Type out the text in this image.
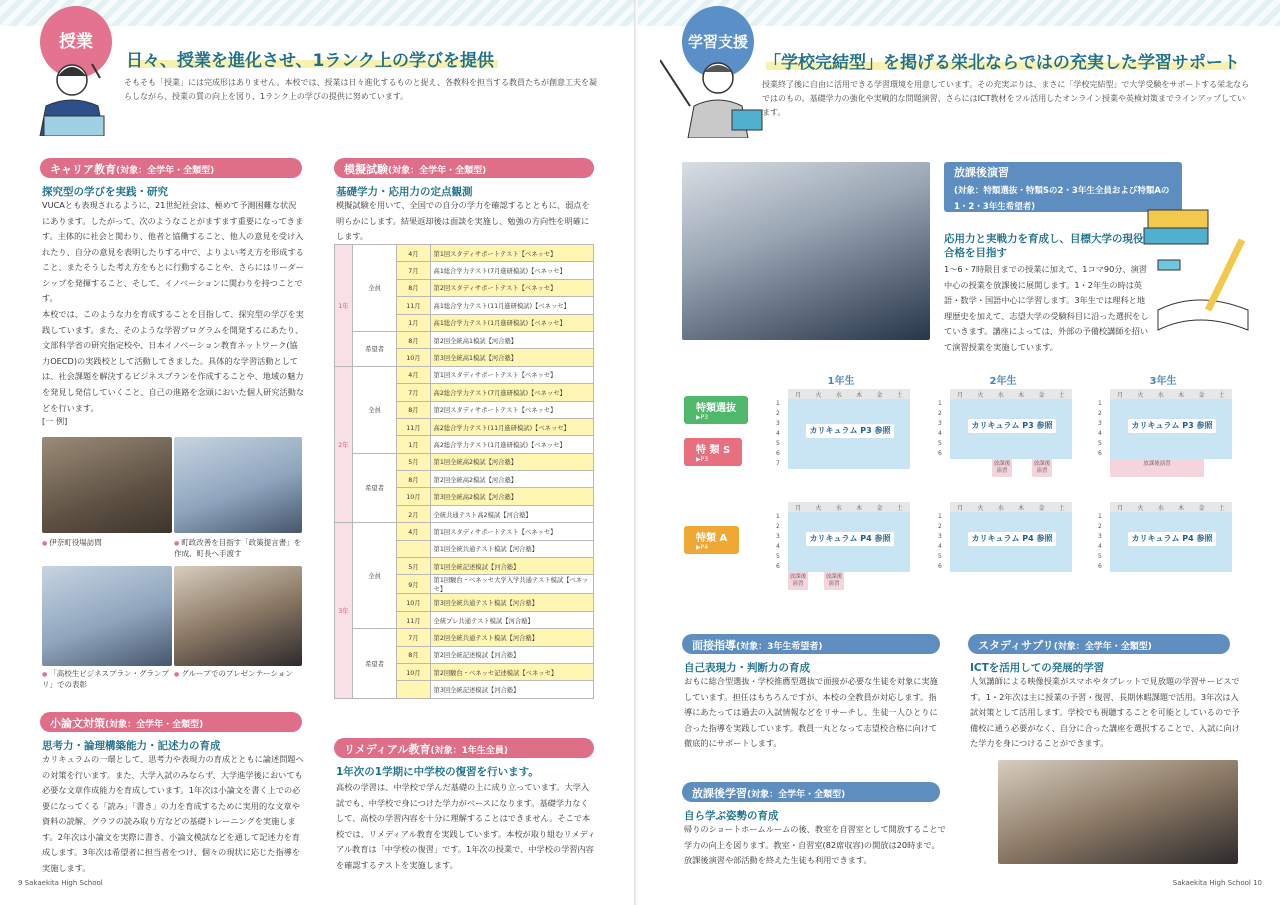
授業
日々、授業を進化させ、1ランク上の学びを提供
そもそも「授業」には完成形はありません。本校では、授業は日々進化するものと捉え、各教科を担当する教員たちが創意工夫を凝らしながら、授業の質の向上を図り、1ランク上の学びの提供に努めています。
キャリア教育(対象：全学年・全類型)
探究型の学びを実践・研究
VUCAとも表現されるように、21世紀社会は、極めて予測困難な状況にあります。したがって、次のようなことがますます重要になってきます。主体的に社会と関わり、他者と協働すること、他人の意見を受け入れたり、自分の意見を表明したりする中で、よりよい考え方を形成すること、またそうした考え方をもとに行動することや、さらにはリーダーシップを発揮すること、そして、イノベーションに関わりを持つことです。
本校では、このような力を育成することを目指して、探究型の学びを実践しています。また、そのような学習プログラムを開発するにあたり、文部科学省の研究指定校や、日本イノベーション教育ネットワーク(協力OECD)の実践校として活動してきました。具体的な学習活動としては、社会課題を解決するビジネスプランを作成することや、地域の魅力を発見し発信していくこと、自己の進路を念頭においた個人研究活動などを行います。
[一 例]
● 伊奈町役場訪問	● 町政改善を目指す「政策提言書」を作成、町長へ手渡す
● 「高校生ビジネスプラン・グランプリ」での表彰
● グループでのプレゼンテーション
小論文対策(対象：全学年・全類型)
思考力・論理構築能力・記述力の育成
カリキュラムの一環として、思考力や表現力の育成とともに論述問題への対策を行います。また、大学入試のみならず、大学進学後においても必要な文章作成能力を育成しています。1年次は小論文を書く上での必要になってくる「読み」「書き」の力を育成するために実用的な文章や資料の読解、グラフの読み取り方などの基礎トレーニングを実施します。2年次は小論文を実際に書き、小論文模試などを通して記述力を育成します。3年次は希望者に担当者をつけ、個々の現状に応じた指導を実施します。
模擬試験(対象：全学年・全類型)
基礎学力・応用力の定点観測
模擬試験を用いて、全国での自分の学力を確認するとともに、弱点を明らかにします。結果返却後は面談を実施し、勉強の方向性を明確にします。
1年	全員	4月	第1回スタディサポートテスト【ベネッセ】
		7月	高1総合学力テスト(7月進研模試)【ベネッセ】
		8月	第2回スタディサポートテスト【ベネッセ】
		11月	高1総合学力テスト(11月進研模試)【ベネッセ】
		1月	高1総合学力テスト(1月進研模試)【ベネッセ】
	希望者	8月	第2回全統高1模試【河合塾】
		10月	第3回全統高1模試【河合塾】
2年	全員	4月	第1回スタディサポートテスト【ベネッセ】
		7月	高2総合学力テスト(7月進研模試)【ベネッセ】
		8月	第2回スタディサポートテスト【ベネッセ】
		11月	高2総合学力テスト(11月進研模試)【ベネッセ】
		1月	高2総合学力テスト(1月進研模試)【ベネッセ】
	希望者	5月	第1回全統高2模試【河合塾】
		8月	第2回全統高2模試【河合塾】
		10月	第3回全統高2模試【河合塾】
		2月	全統共通テスト高2模試【河合塾】
3年	全員	4月	第1回スタディサポートテスト【ベネッセ】
			第1回全統共通テスト模試【河合塾】
		5月	第1回全統記述模試【河合塾】
		9月	第1回駿台・ベネッセ大学入学共通テスト模試【ベネッセ】
		10月	第3回全統共通テスト模試【河合塾】
		11月	全統プレ共通テスト模試【河合塾】
	希望者	7月	第2回全統共通テスト模試【河合塾】
		8月	第2回全統記述模試【河合塾】
		10月	第2回駿台・ベネッセ記述模試【ベネッセ】
			第3回全統記述模試【河合塾】
リメディアル教育(対象：1年生全員)
1年次の1学期に中学校の復習を行います。
高校の学習は、中学校で学んだ基礎の上に成り立っています。大学入試でも、中学校で身につけた学力がベースになります。基礎学力なくして、高校の学習内容を十分に理解することはできません。そこで本校では、リメディアル教育を実践しています。本校が取り組むリメディアル教育は「中学校の復習」です。1年次の授業で、中学校の学習内容を確認するテストを実施します。
9 Sakaekita High School
学習支援
「学校完結型」を掲げる栄北ならではの充実した学習サポート
授業終了後に自由に活用できる学習環境を用意しています。その充実ぶりは、まさに「学校完結型」で大学受験をサポートする栄北ならではのもの。基礎学力の強化や実戦的な問題演習、さらにはICT教材をフル活用したオンライン授業や英検対策までラインアップしています。
放課後演習
(対象：特類選抜・特類Sの2・3年生全員および特類Aの1・2・3年生希望者)
応用力と実戦力を育成し、目標大学の現役合格を目指す
1〜6・7時限目までの授業に加えて、1コマ90分、演習中心の授業を放課後に展開します。1・2年生の時は英語・数学・国語中心に学習します。3年生では理科と地理歴史を加えて、志望大学の受験科目に沿った選択をしていきます。講座によっては、外部の予備校講師を招いて演習授業を実施しています。
特類選抜
▶P3
特 類 S
▶P3
特類 A
▶P4
1年生
月	火	水	木	金	土
1
2
3
4
5
6
7
カリキュラム P3 参照
2年生
月	火	水	木	金	土
1
2
3
4
5
6
カリキュラム P3 参照
放課後演習
放課後演習
3年生
月	火	水	木	金	土
1
2
3
4
5
6
カリキュラム P3 参照
放課後演習
月	火	水	木	金	土
1
2
3
4
5
6
カリキュラム P4 参照
放課後演習
放課後演習
月	火	水	木	金	土
1
2
3
4
5
6
カリキュラム P4 参照
月	火	水	木	金	土
1
2
3
4
5
6
カリキュラム P4 参照
面接指導(対象：3年生希望者)
自己表現力・判断力の育成
おもに総合型選抜・学校推薦型選抜で面接が必要な生徒を対象に実施しています。担任はもちろんですが、本校の全教員が対応します。指導にあたっては過去の入試情報などをリサーチし、生徒一人ひとりに合った指導を実践しています。教員一丸となって志望校合格に向けて徹底的にサポートします。
放課後学習(対象：全学年・全類型)
自ら学ぶ姿勢の育成
帰りのショートホームルームの後、教室を自習室として開放することで学力の向上を図ります。教室・自習室(82席収容)の開放は20時まで。放課後演習や部活動を終えた生徒も利用できます。
スタディサプリ(対象：全学年・全類型)
ICTを活用しての発展的学習
人気講師による映像授業がスマホやタブレットで見放題の学習サービスです。1・2年次は主に授業の予習・復習、長期休暇課題で活用。3年次は入試対策として活用します。学校でも視聴することを可能としているので予備校に通う必要がなく、自分に合った講座を選択することで、入試に向けた学力を身につけることができます。
Sakaekita High School 10
